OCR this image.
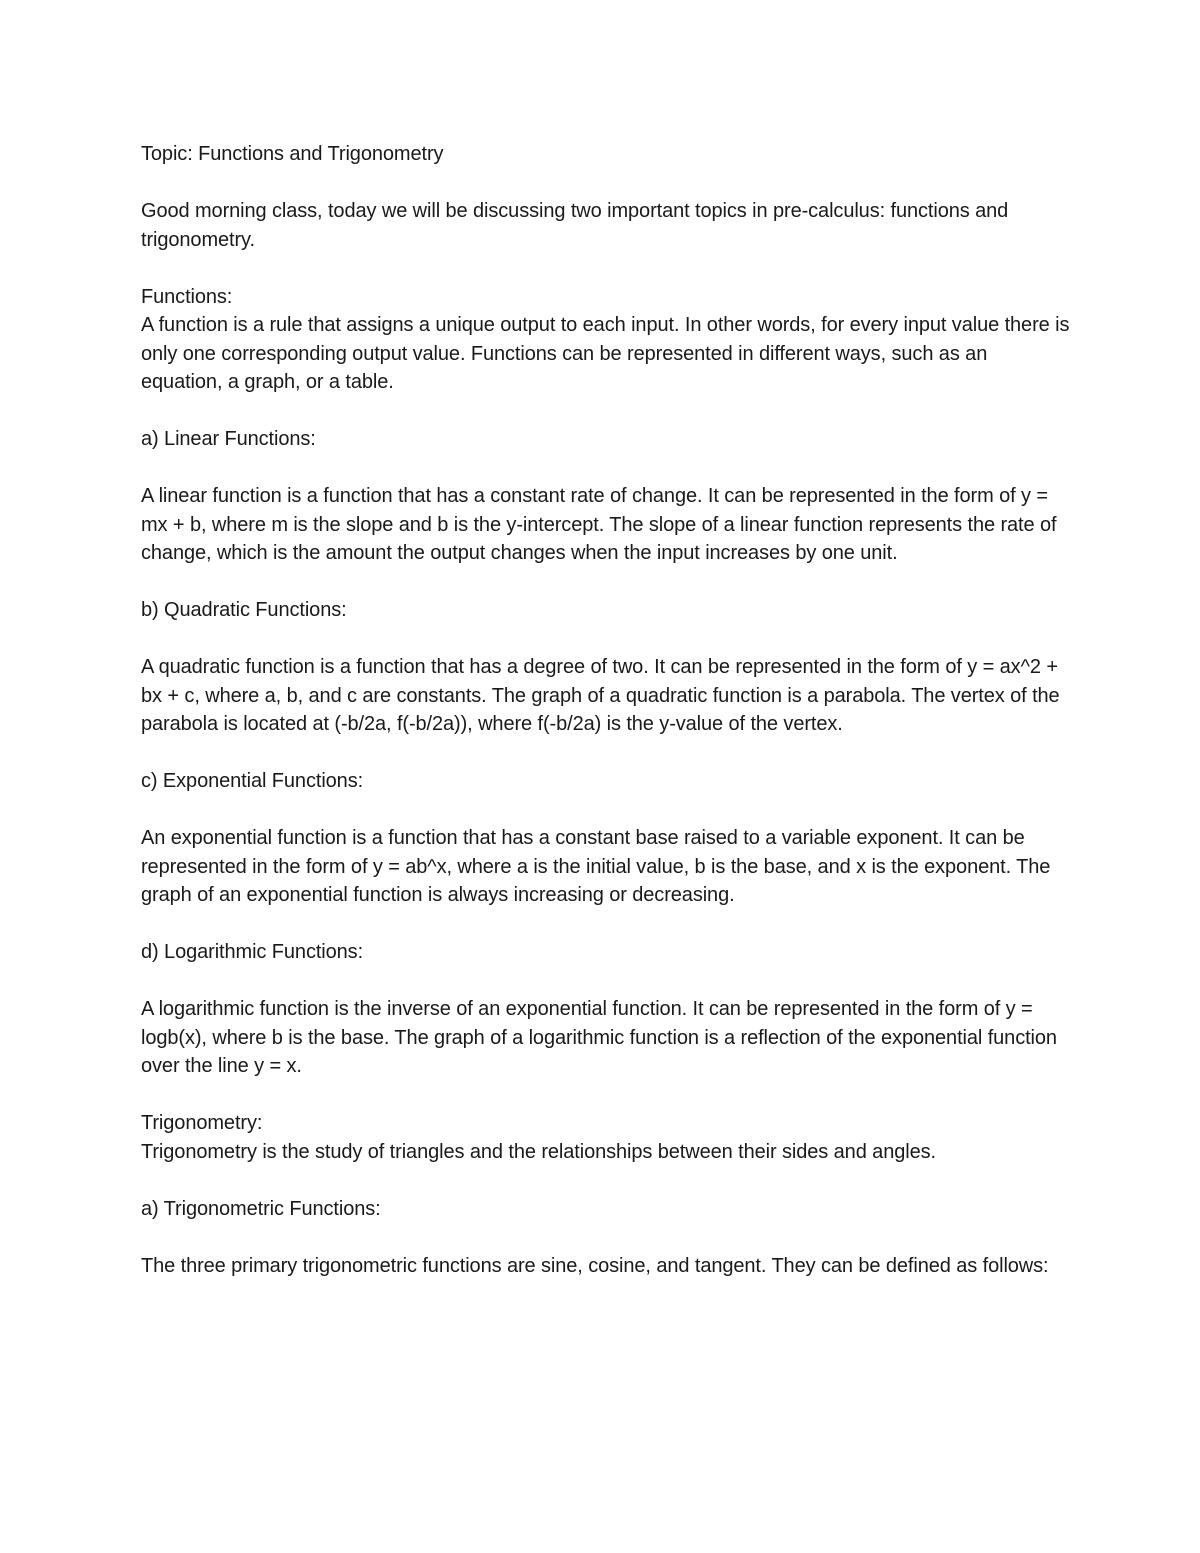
Topic: Functions and Trigonometry

Good morning class, today we will be discussing two important topics in pre-calculus: functions and trigonometry.

Functions:

A function is a rule that assigns a unique output to each input. In other words, for every input value there is only one corresponding output value. Functions can be represented in different ways, such as an equation, a graph, or a table.

a) Linear Functions:

A linear function is a function that has a constant rate of change. It can be represented in the form of y = mx + b, where m is the slope and b is the y-intercept. The slope of a linear function represents the rate of change, which is the amount the output changes when the input increases by one unit.

b) Quadratic Functions:

A quadratic function is a function that has a degree of two. It can be represented in the form of y = ax^2 + bx + c, where a, b, and c are constants. The graph of a quadratic function is a parabola. The vertex of the parabola is located at (-b/2a, f(-b/2a)), where f(-b/2a) is the y-value of the vertex.

c) Exponential Functions:

An exponential function is a function that has a constant base raised to a variable exponent. It can be represented in the form of y = ab^x, where a is the initial value, b is the base, and x is the exponent. The graph of an exponential function is always increasing or decreasing.

d) Logarithmic Functions:

A logarithmic function is the inverse of an exponential function. It can be represented in the form of y = logb(x), where b is the base. The graph of a logarithmic function is a reflection of the exponential function over the line y = x.

Trigonometry:

Trigonometry is the study of triangles and the relationships between their sides and angles.

a) Trigonometric Functions:

The three primary trigonometric functions are sine, cosine, and tangent. They can be defined as follows:
